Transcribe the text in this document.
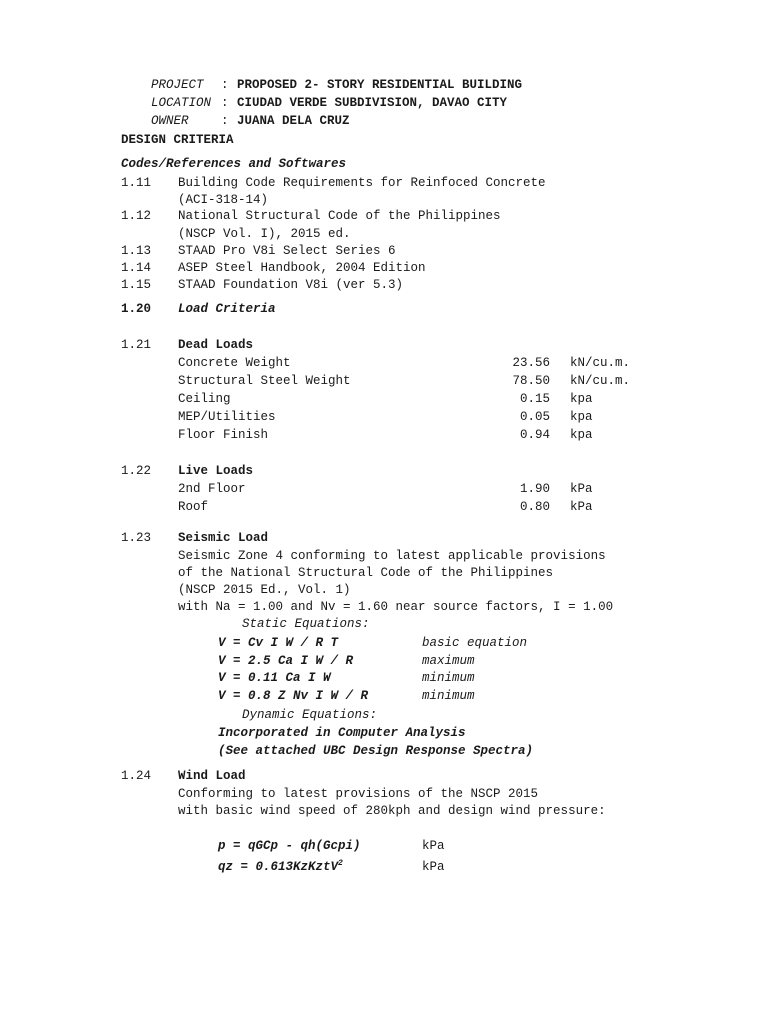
PROJECT : PROPOSED 2- STORY RESIDENTIAL BUILDING

LOCATION : CIUDAD VERDE SUBDIVISION, DAVAO CITY

OWNER	: JUANA DELA CRUZ

DESIGN CRITERIA
Codes/References and Softwares
1.11 Building Code Requirements for Reinfoced Concrete
(ACI-318-14)
1.12 National Structural Code of the Philippines
(NSCP Vol. I), 2015 ed.
1.13 STAAD Pro V8i Select Series 6
1.14 ASEP Steel Handbook, 2004 Edition
1.15 STAAD Foundation V8i (ver 5.3)
1.20 Load Criteria
1.21 Dead Loads
Concrete Weight	23.56 kN/cu.m.
Structural Steel Weight	78.50 kN/cu.m.
Ceiling	0.15 kpa
MEP/Utilities	0.05 kpa
Floor Finish	0.94 kpa
1.22 Live Loads
2nd Floor	1.90 kPa
Roof	0.80 kPa
1.23 Seismic Load
Seismic Zone 4 conforming to latest applicable provisions
of the National Structural Code of the Philippines
(NSCP 2015 Ed., Vol. 1)
with Na = 1.00 and Nv = 1.60 near source factors, I = 1.00
Static Equations:
V = Cv I W / R T	basic equation
V = 2.5 Ca I W / R	maximum
V = 0.11 Ca I W	minimum
V = 0.8 Z Nv I W / R	minimum
Dynamic Equations:
Incorporated in Computer Analysis
(See attached UBC Design Response Spectra)
1.24 Wind Load
Conforming to latest provisions of the NSCP 2015
with basic wind speed of 280kph and design wind pressure:
p = qGCp - qh(Gcpi)	kPa
qz = 0.613KzKztV$^2$	kPa
